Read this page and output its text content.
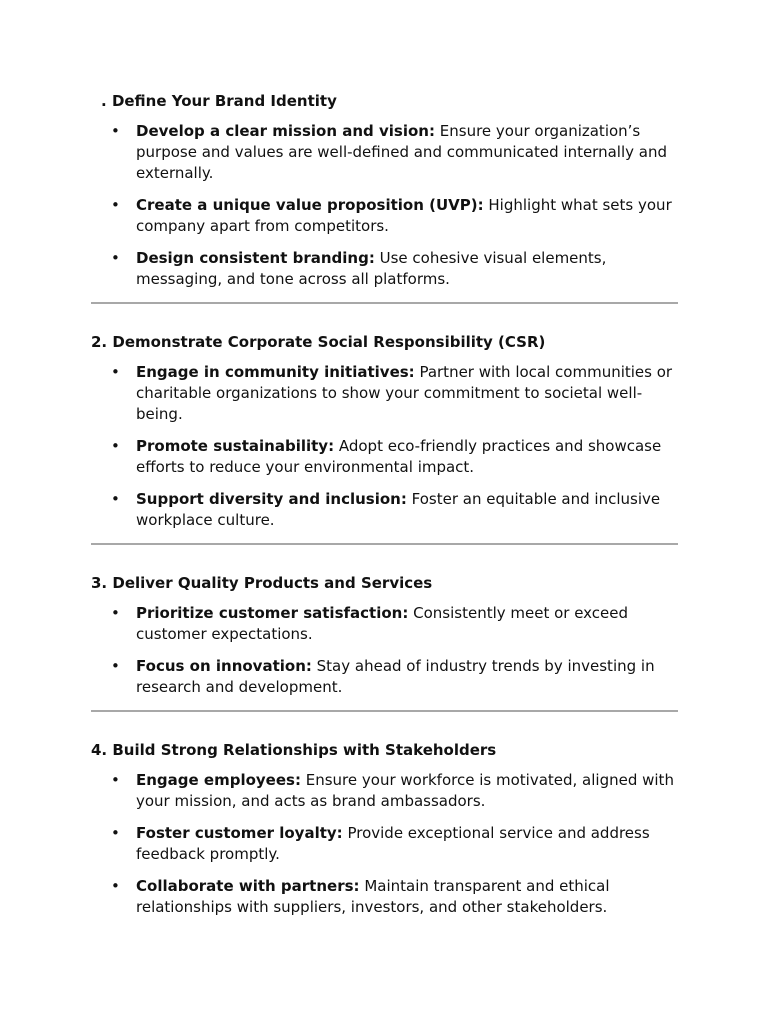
. Define Your Brand Identity

• Develop a clear mission and vision: Ensure your organization’s purpose and values are well-defined and communicated internally and externally.
• Create a unique value proposition (UVP): Highlight what sets your company apart from competitors.
• Design consistent branding: Use cohesive visual elements, messaging, and tone across all platforms.

2. Demonstrate Corporate Social Responsibility (CSR)

• Engage in community initiatives: Partner with local communities or charitable organizations to show your commitment to societal well-being.
• Promote sustainability: Adopt eco-friendly practices and showcase efforts to reduce your environmental impact.
• Support diversity and inclusion: Foster an equitable and inclusive workplace culture.

3. Deliver Quality Products and Services

• Prioritize customer satisfaction: Consistently meet or exceed customer expectations.
• Focus on innovation: Stay ahead of industry trends by investing in research and development.

4. Build Strong Relationships with Stakeholders

• Engage employees: Ensure your workforce is motivated, aligned with your mission, and acts as brand ambassadors.
• Foster customer loyalty: Provide exceptional service and address feedback promptly.
• Collaborate with partners: Maintain transparent and ethical relationships with suppliers, investors, and other stakeholders.
